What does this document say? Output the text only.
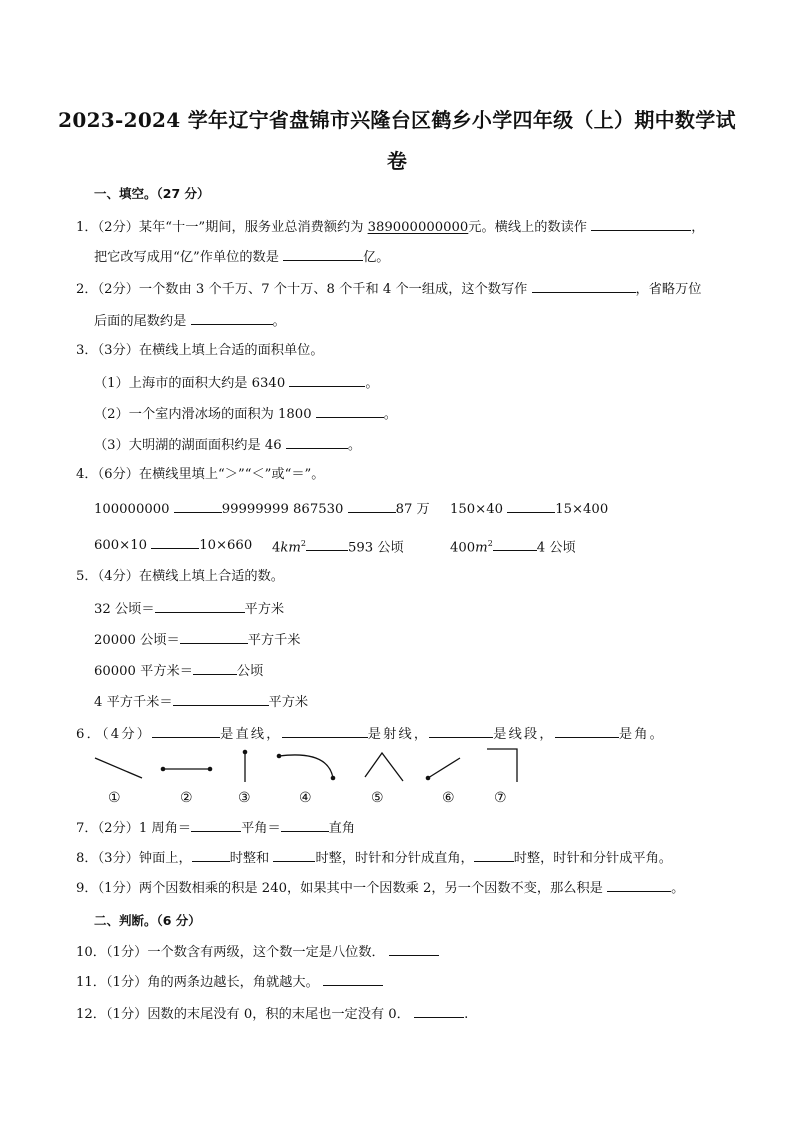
2023-2024 学年辽宁省盘锦市兴隆台区鹤乡小学四年级（上）期中数学试
卷
一、填空。（27 分）
1．（2分）某年“十一”期间，服务业总消费额约为 389000000000元。横线上的数读作	，
把它改写成用“亿”作单位的数是	亿。
2．（2分）一个数由 3 个千万、7 个十万、8 个千和 4 个一组成，这个数写作	，省略万位
后面的尾数约是	。
3．（3分）在横线上填上合适的面积单位。
（1）上海市的面积大约是 6340	。
（2）一个室内滑冰场的面积为 1800	。
（3）大明湖的湖面面积约是 46	。
4．（6分）在横线里填上“＞”“＜”或“＝”。
100000000	99999999 867530	87 万 150×40	15×400
600×10	10×660 $4km^2$	593 公顷	$400m^2$	4 公顷
5．（4分）在横线上填上合适的数。
32 公顷＝	平方米
20000 公顷＝	平方千米
60000 平方米＝	公顷
4 平方千米＝	平方米
6．（4分）	是直线，	是射线，	是线段，	是角。
①	②	③	④	⑤	⑥	⑦
7．（2分）1 周角＝	平角＝	直角
8．（3分）钟面上，	时整和	时整，时针和分针成直角，	时整，时针和分针成平角。
9．（1分）两个因数相乘的积是 240，如果其中一个因数乘 2，另一个因数不变，那么积是	。
二、判断。（6 分）
10．（1分）一个数含有两级，这个数一定是八位数．
11．（1分）角的两条边越长，角就越大。
12．（1分）因数的末尾没有 0，积的末尾也一定没有 0．	.
